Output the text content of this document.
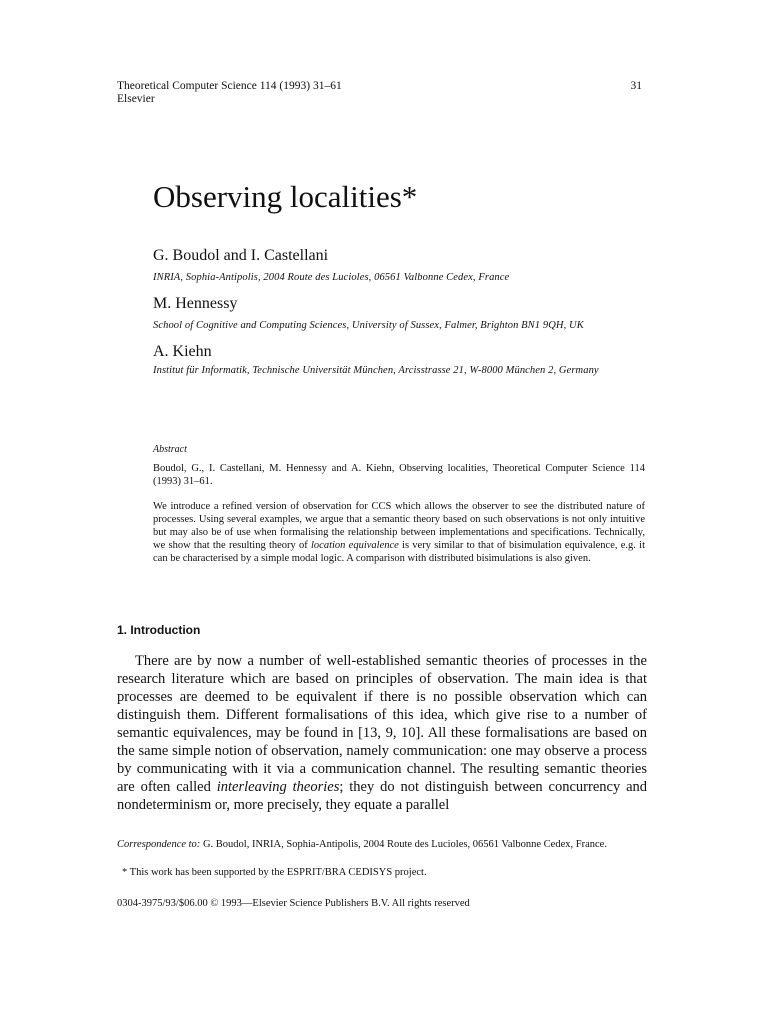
Theoretical Computer Science 114 (1993) 31–61
Elsevier
31
Observing localities*
G. Boudol and I. Castellani
INRIA, Sophia-Antipolis, 2004 Route des Lucioles, 06561 Valbonne Cedex, France
M. Hennessy
School of Cognitive and Computing Sciences, University of Sussex, Falmer, Brighton BN1 9QH, UK
A. Kiehn
Institut für Informatik, Technische Universität München, Arcisstrasse 21, W-8000 München 2, Germany
Abstract
Boudol, G., I. Castellani, M. Hennessy and A. Kiehn, Observing localities, Theoretical Computer Science 114 (1993) 31–61.
We introduce a refined version of observation for CCS which allows the observer to see the distributed nature of processes. Using several examples, we argue that a semantic theory based on such observations is not only intuitive but may also be of use when formalising the relationship between implementations and specifications. Technically, we show that the resulting theory of location equivalence is very similar to that of bisimulation equivalence, e.g. it can be characterised by a simple modal logic. A comparison with distributed bisimulations is also given.
1. Introduction

There are by now a number of well-established semantic theories of processes in the research literature which are based on principles of observation. The main idea is that processes are deemed to be equivalent if there is no possible observation which can distinguish them. Different formalisations of this idea, which give rise to a number of semantic equivalences, may be found in [13, 9, 10]. All these formalisations are based on the same simple notion of observation, namely communication: one may observe a process by communicating with it via a communication channel. The resulting semantic theories are often called interleaving theories; they do not distinguish between concurrency and nondeterminism or, more precisely, they equate a parallel

Correspondence to: G. Boudol, INRIA, Sophia-Antipolis, 2004 Route des Lucioles, 06561 Valbonne Cedex, France.
* This work has been supported by the ESPRIT/BRA CEDISYS project.
0304-3975/93/$06.00 © 1993—Elsevier Science Publishers B.V. All rights reserved
